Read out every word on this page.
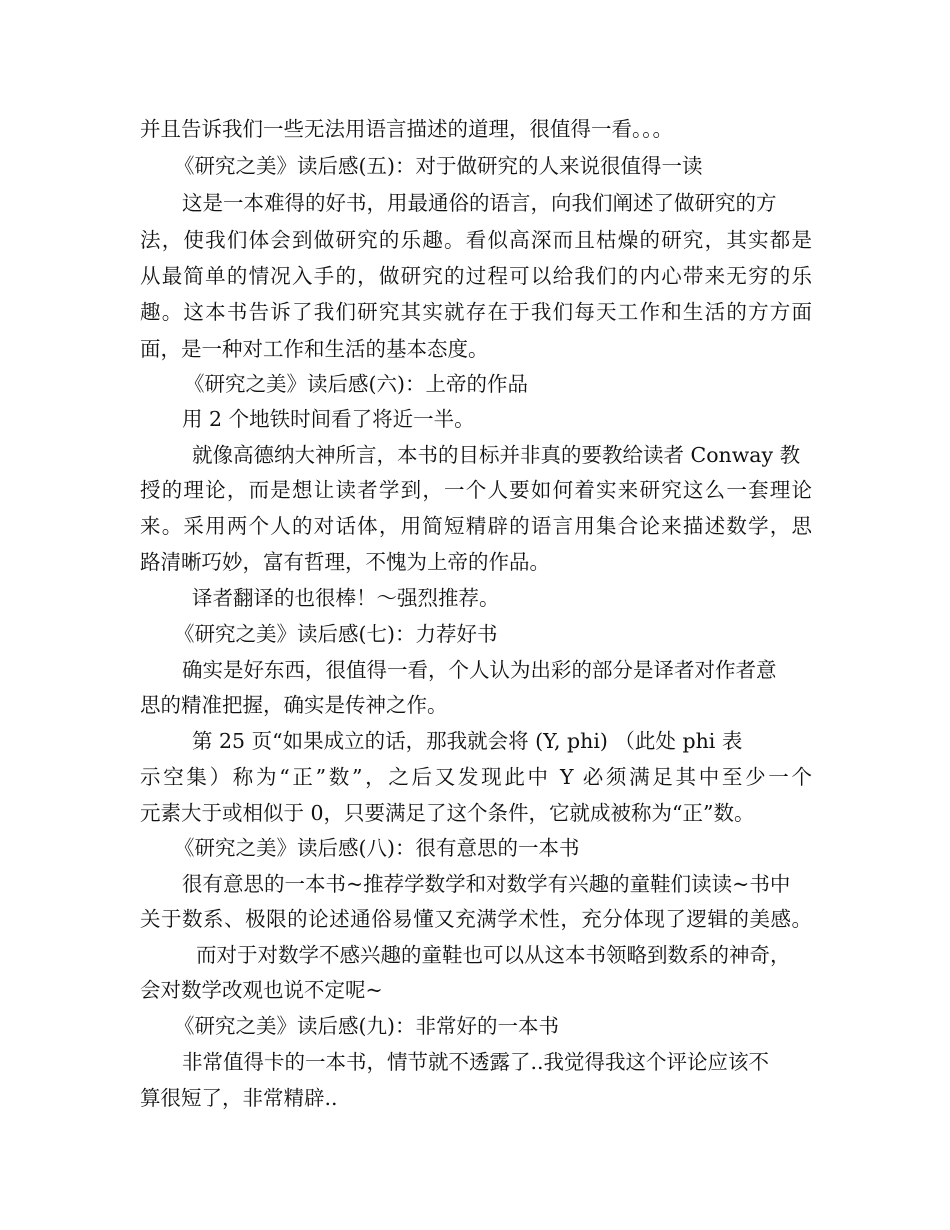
并且告诉我们一些无法用语言描述的道理，很值得一看。。。
《研究之美》读后感(五)：对于做研究的人来说很值得一读
这是一本难得的好书，用最通俗的语言，向我们阐述了做研究的方
法，使我们体会到做研究的乐趣。看似高深而且枯燥的研究，其实都是
从最简单的情况入手的，做研究的过程可以给我们的内心带来无穷的乐
趣。这本书告诉了我们研究其实就存在于我们每天工作和生活的方方面
面，是一种对工作和生活的基本态度。
《研究之美》读后感(六)：上帝的作品
用 2 个地铁时间看了将近一半。
就像高德纳大神所言，本书的目标并非真的要教给读者 Conway 教
授的理论，而是想让读者学到，一个人要如何着实来研究这么一套理论
来。采用两个人的对话体，用简短精辟的语言用集合论来描述数学，思
路清晰巧妙，富有哲理，不愧为上帝的作品。
译者翻译的也很棒！～强烈推荐。
《研究之美》读后感(七)：力荐好书
确实是好东西，很值得一看，个人认为出彩的部分是译者对作者意
思的精准把握，确实是传神之作。
第 25 页“如果成立的话，那我就会将 (Y, phi) （此处 phi 表
示空集）称为“正”数”，之后又发现此中 Y 必须满足其中至少一个
元素大于或相似于 0，只要满足了这个条件，它就成被称为“正”数。
《研究之美》读后感(八)：很有意思的一本书
很有意思的一本书~推荐学数学和对数学有兴趣的童鞋们读读~书中
关于数系、极限的论述通俗易懂又充满学术性，充分体现了逻辑的美感。
而对于对数学不感兴趣的童鞋也可以从这本书领略到数系的神奇，
会对数学改观也说不定呢~
《研究之美》读后感(九)：非常好的一本书
非常值得卡的一本书，情节就不透露了..我觉得我这个评论应该不
算很短了，非常精辟..
